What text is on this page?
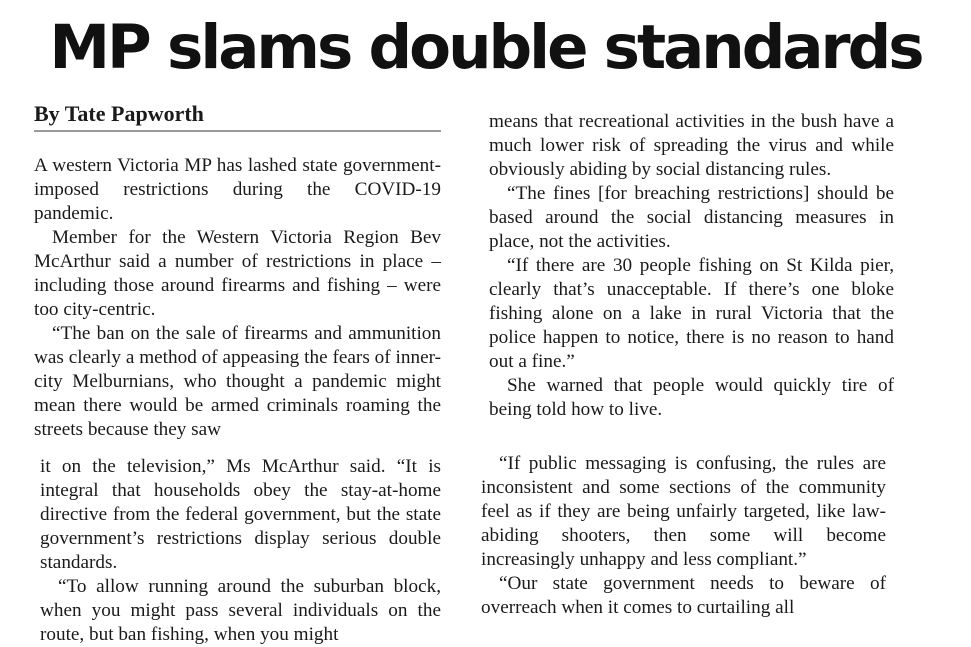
MP slams double standards
By Tate Papworth

A western Victoria MP has lashed state government-imposed restrictions during the COVID-19 pandemic.

Member for the Western Victoria Region Bev McArthur said a number of restrictions in place – including those around firearms and fishing – were too city-centric.

“The ban on the sale of firearms and ammunition was clearly a method of appeasing the fears of inner-city Melburnians, who thought a pandemic might mean there would be armed criminals roaming the streets because they saw

it on the television,” Ms McArthur said. “It is integral that households obey the stay-at-home directive from the federal government, but the state government’s restrictions display serious double standards.

“To allow running around the suburban block, when you might pass several individuals on the route, but ban fishing, when you might

means that recreational activities in the bush have a much lower risk of spreading the virus and while obviously abiding by social distancing rules.

“The fines [for breaching restrictions] should be based around the social distancing measures in place, not the activities.

“If there are 30 people fishing on St Kilda pier, clearly that’s unacceptable. If there’s one bloke fishing alone on a lake in rural Victoria that the police happen to notice, there is no reason to hand out a fine.”

She warned that people would quickly tire of being told how to live.

“If public messaging is confusing, the rules are inconsistent and some sections of the community feel as if they are being unfairly targeted, like law-abiding shooters, then some will become increasingly unhappy and less compliant.”

“Our state government needs to beware of overreach when it comes to curtailing all
